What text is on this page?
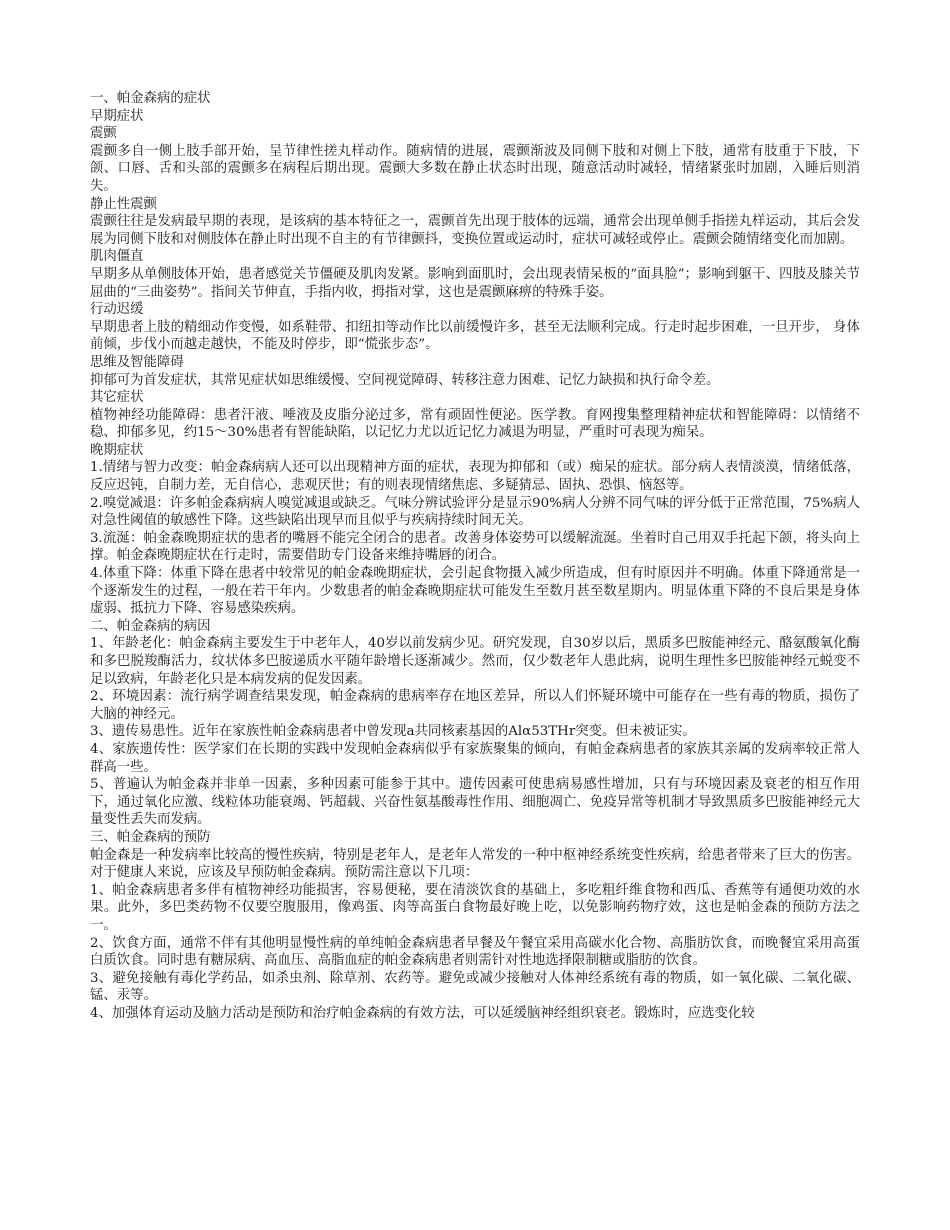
一、帕金森病的症状

早期症状

震颤

震颤多自一侧上肢手部开始，呈节律性搓丸样动作。随病情的进展，震颤渐波及同侧下肢和对侧上下肢，通常有肢重于下肢，下颌、口唇、舌和头部的震颤多在病程后期出现。震颤大多数在静止状态时出现，随意活动时减轻，情绪紧张时加剧，入睡后则消失。

静止性震颤

震颤往往是发病最早期的表现，是该病的基本特征之一，震颤首先出现于肢体的远端，通常会出现单侧手指搓丸样运动，其后会发展为同侧下肢和对侧肢体在静止时出现不自主的有节律颤抖，变换位置或运动时，症状可减轻或停止。震颤会随情绪变化而加剧。

肌肉僵直

早期多从单侧肢体开始，患者感觉关节僵硬及肌肉发紧。影响到面肌时，会出现表情呆板的“面具脸”；影响到躯干、四肢及膝关节屈曲的“三曲姿势”。指间关节伸直，手指内收，拇指对掌，这也是震颤麻痹的特殊手姿。

行动迟缓

早期患者上肢的精细动作变慢，如系鞋带、扣纽扣等动作比以前缓慢许多，甚至无法顺利完成。行走时起步困难，一旦开步， 身体前倾，步伐小而越走越快，不能及时停步，即“慌张步态”。

思维及智能障碍

抑郁可为首发症状，其常见症状如思维缓慢、空间视觉障碍、转移注意力困难、记忆力缺损和执行命令差。

其它症状

植物神经功能障碍：患者汗液、唾液及皮脂分泌过多，常有顽固性便泌。医学教。育网搜集整理精神症状和智能障碍：以情绪不稳、抑郁多见，约15～30%患者有智能缺陷，以记忆力尤以近记忆力减退为明显，严重时可表现为痴呆。

晚期症状

1.情绪与智力改变：帕金森病病人还可以出现精神方面的症状，表现为抑郁和（或）痴呆的症状。部分病人表情淡漠，情绪低落，反应迟钝，自制力差，无自信心，悲观厌世；有的则表现情绪焦虑、多疑猜忌、固执、恐惧、恼怒等。

2.嗅觉减退：许多帕金森病病人嗅觉减退或缺乏。气味分辨试验评分是显示90%病人分辨不同气味的评分低于正常范围，75%病人对急性阈值的敏感性下降。这些缺陷出现早而且似乎与疾病持续时间无关。

3.流涎：帕金森晚期症状的患者的嘴唇不能完全闭合的患者。改善身体姿势可以缓解流涎。坐着时自己用双手托起下颌，将头向上撑。帕金森晚期症状在行走时，需要借助专门设备来维持嘴唇的闭合。

4.体重下降：体重下降在患者中较常见的帕金森晚期症状，会引起食物摄入减少所造成，但有时原因并不明确。体重下降通常是一个逐渐发生的过程，一般在若干年内。少数患者的帕金森晚期症状可能发生至数月甚至数星期内。明显体重下降的不良后果是身体虚弱、抵抗力下降、容易感染疾病。

二、帕金森病的病因

1、年龄老化：帕金森病主要发生于中老年人，40岁以前发病少见。研究发现，自30岁以后，黑质多巴胺能神经元、酪氨酸氧化酶和多巴脱羧酶活力，纹状体多巴胺递质水平随年龄增长逐渐减少。然而，仅少数老年人患此病，说明生理性多巴胺能神经元蜕变不足以致病，年龄老化只是本病发病的促发因素。

2、环境因素：流行病学调查结果发现，帕金森病的患病率存在地区差异，所以人们怀疑环境中可能存在一些有毒的物质，损伤了大脑的神经元。

3、遗传易患性。近年在家族性帕金森病患者中曾发现a共同核素基因的Alα53THr突变。但未被证实。

4、家族遗传性：医学家们在长期的实践中发现帕金森病似乎有家族聚集的倾向，有帕金森病患者的家族其亲属的发病率较正常人群高一些。

5、普遍认为帕金森并非单一因素，多种因素可能参于其中。遗传因素可使患病易感性增加，只有与环境因素及衰老的相互作用下，通过氧化应激、线粒体功能衰竭、钙超载、兴奋性氨基酸毒性作用、细胞凋亡、免疫异常等机制才导致黑质多巴胺能神经元大量变性丢失而发病。

三、帕金森病的预防

帕金森是一种发病率比较高的慢性疾病，特别是老年人，是老年人常发的一种中枢神经系统变性疾病，给患者带来了巨大的伤害。对于健康人来说，应该及早预防帕金森病。预防需注意以下几项：

1、帕金森病患者多伴有植物神经功能损害，容易便秘，要在清淡饮食的基础上，多吃粗纤维食物和西瓜、香蕉等有通便功效的水果。此外，多巴类药物不仅要空腹服用，像鸡蛋、肉等高蛋白食物最好晚上吃，以免影响药物疗效，这也是帕金森的预防方法之一。

2、饮食方面，通常不伴有其他明显慢性病的单纯帕金森病患者早餐及午餐宜采用高碳水化合物、高脂肪饮食，而晚餐宜采用高蛋白质饮食。同时患有糖尿病、高血压、高脂血症的帕金森病患者则需针对性地选择限制糖或脂肪的饮食。

3、避免接触有毒化学药品，如杀虫剂、除草剂、农药等。避免或减少接触对人体神经系统有毒的物质，如一氧化碳、二氧化碳、锰、汞等。

4、加强体育运动及脑力活动是预防和治疗帕金森病的有效方法，可以延缓脑神经组织衰老。锻炼时，应选变化较
